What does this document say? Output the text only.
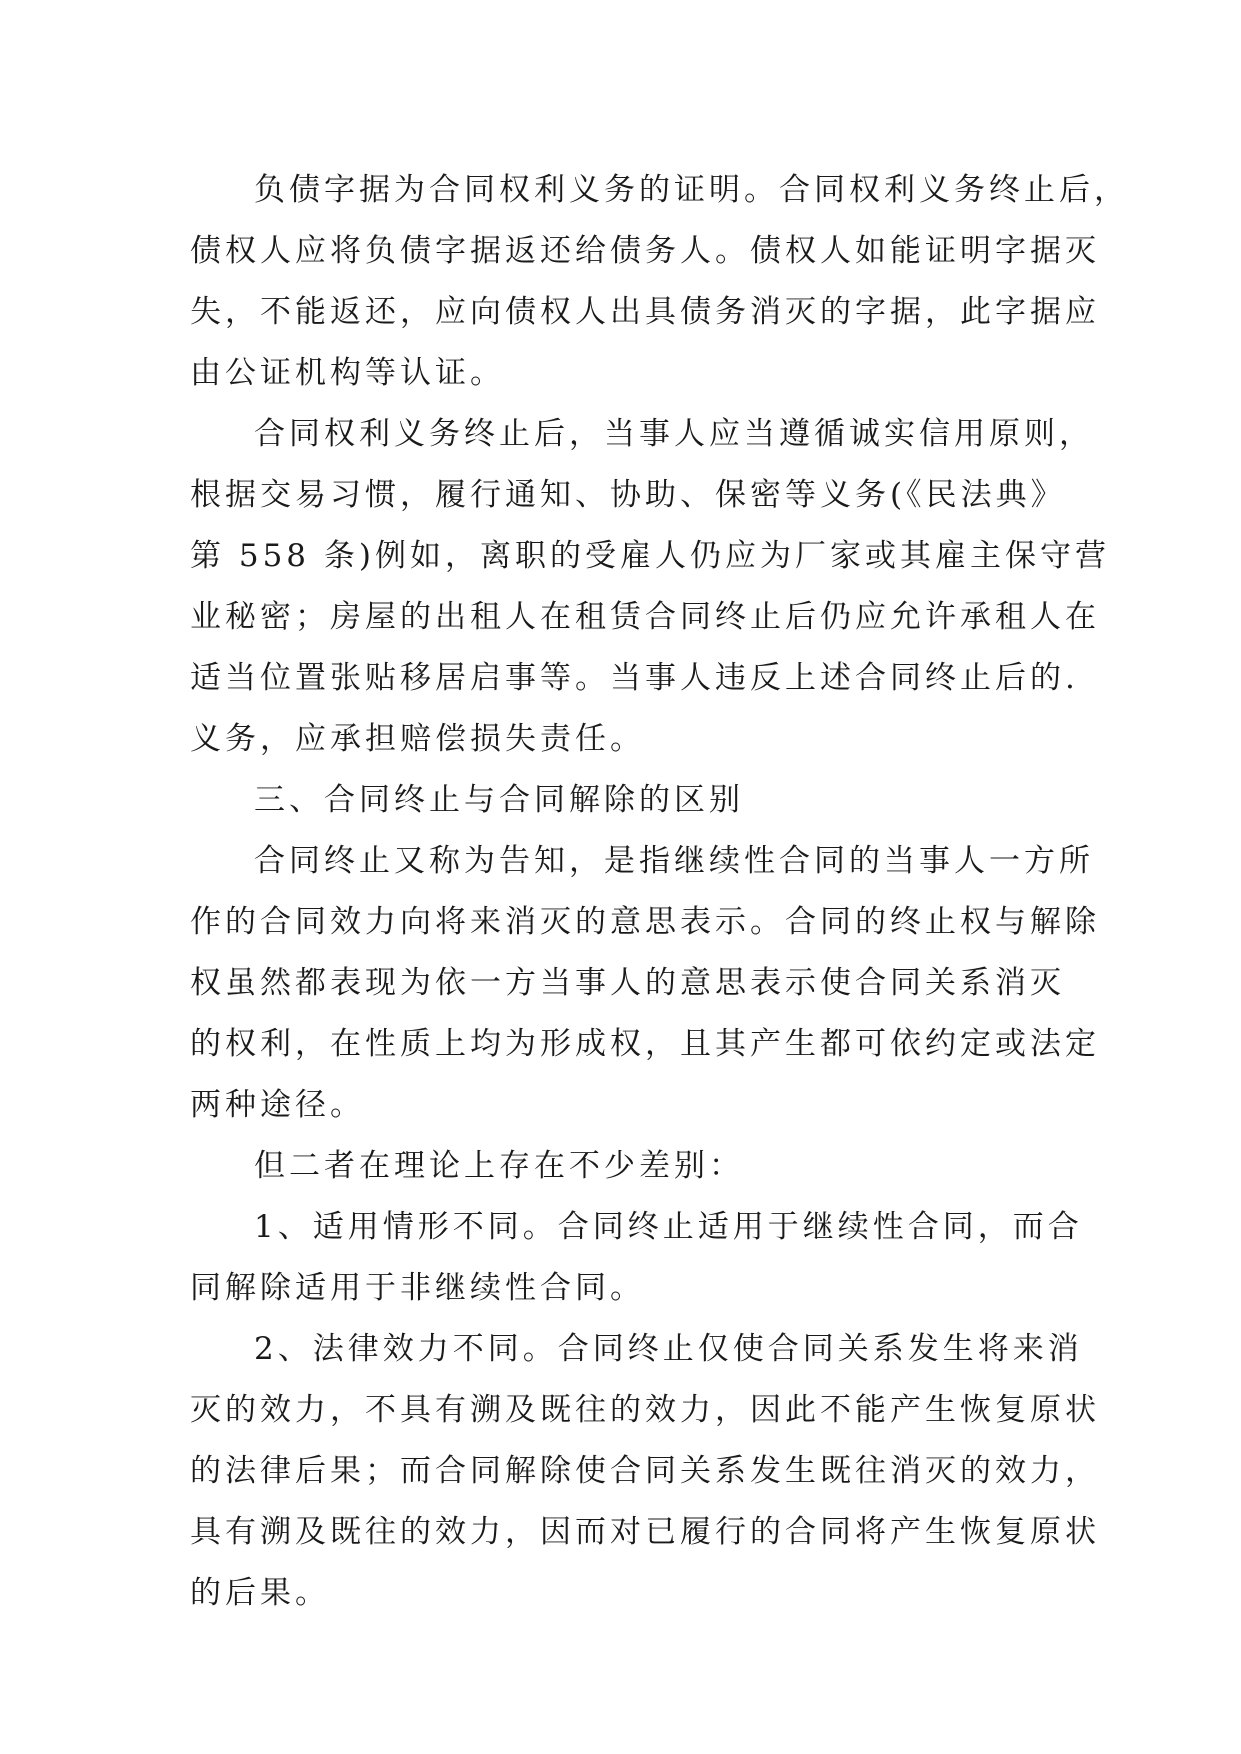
负债字据为合同权利义务的证明。合同权利义务终止后，
债权人应将负债字据返还给债务人。债权人如能证明字据灭
失，不能返还，应向债权人出具债务消灭的字据，此字据应
由公证机构等认证。
合同权利义务终止后，当事人应当遵循诚实信用原则，
根据交易习惯，履行通知、协助、保密等义务(《民法典》
第 558 条)例如，离职的受雇人仍应为厂家或其雇主保守营
业秘密；房屋的出租人在租赁合同终止后仍应允许承租人在
适当位置张贴移居启事等。当事人违反上述合同终止后的.
义务，应承担赔偿损失责任。
三、合同终止与合同解除的区别
合同终止又称为告知，是指继续性合同的当事人一方所
作的合同效力向将来消灭的意思表示。合同的终止权与解除
权虽然都表现为依一方当事人的意思表示使合同关系消灭
的权利，在性质上均为形成权，且其产生都可依约定或法定
两种途径。
但二者在理论上存在不少差别：
1、适用情形不同。合同终止适用于继续性合同，而合
同解除适用于非继续性合同。
2、法律效力不同。合同终止仅使合同关系发生将来消
灭的效力，不具有溯及既往的效力，因此不能产生恢复原状
的法律后果；而合同解除使合同关系发生既往消灭的效力，
具有溯及既往的效力，因而对已履行的合同将产生恢复原状
的后果。
